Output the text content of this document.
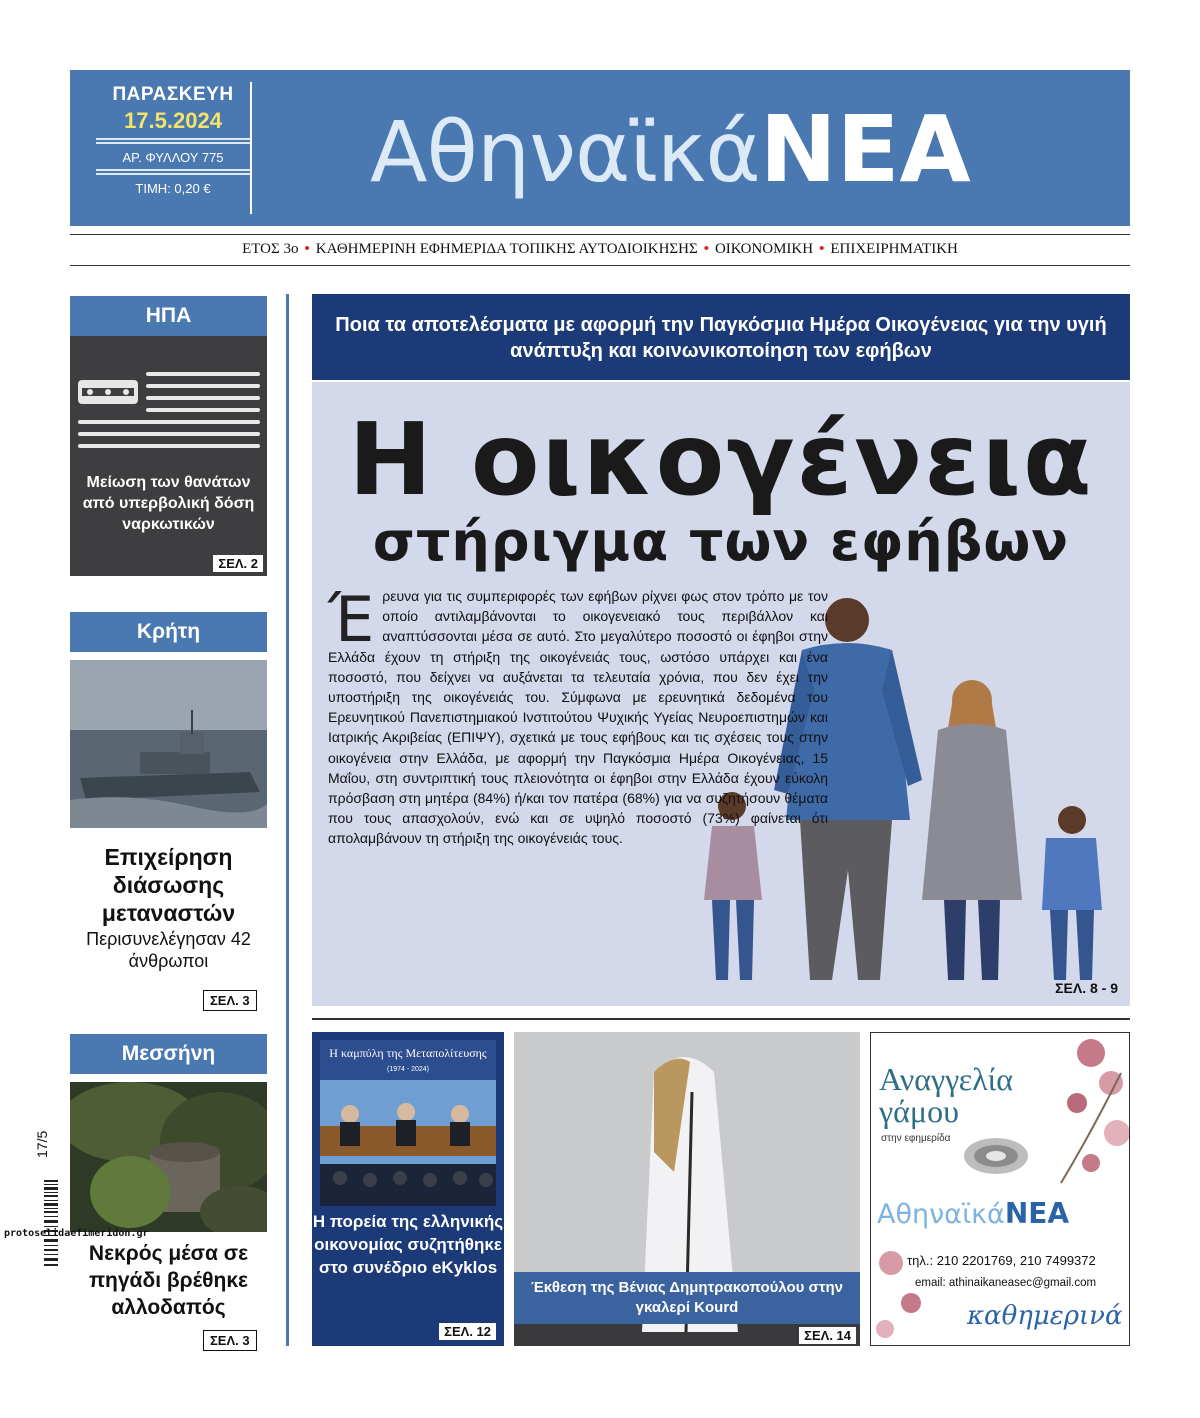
ΠΑΡΑΣΚΕΥΗ
17.5.2024
ΑΡ. ΦΥΛΛΟΥ 775
ΤΙΜΗ: 0,20 €	ΑθηναϊκάΝΕΑ
ΕΤΟΣ 3ο • ΚΑΘΗΜΕΡΙΝΗ ΕΦΗΜΕΡΙΔΑ ΤΟΠΙΚΗΣ ΑΥΤΟΔΙΟΙΚΗΣΗΣ • ΟΙΚΟΝΟΜΙΚΗ • ΕΠΙΧΕΙΡΗΜΑΤΙΚΗ
ΗΠΑ
Μείωση των θανάτων από υπερβολική δόση ναρκωτικών
ΣΕΛ. 2
Κρήτη
Επιχείρηση διάσωσης μεταναστών
Περισυνελέγησαν 42 άνθρωποι
ΣΕΛ. 3
Μεσσήνη
Νεκρός μέσα σε πηγάδι βρέθηκε αλλοδαπός
ΣΕΛ. 3
17/5
protoselidaefimeridon.gr
Ποια τα αποτελέσματα με αφορμή την Παγκόσμια Ημέρα Οικογένειας για την υγιή ανάπτυξη και κοινωνικοποίηση των εφήβων
Η οικογένεια
στήριγμα των εφήβων
Έρευνα για τις συμπεριφορές των εφήβων ρίχνει φως στον τρόπο με τον οποίο αντιλαμβάνονται το οικογενειακό τους περιβάλλον και αναπτύσσονται μέσα σε αυτό. Στο μεγαλύτερο ποσοστό οι έφηβοι στην Ελλάδα έχουν τη στήριξη της οικογένειάς τους, ωστόσο υπάρχει και ένα ποσοστό, που δείχνει να αυξάνεται τα τελευταία χρόνια, που δεν έχει την υποστήριξη της οικογένειάς του. Σύμφωνα με ερευνητικά δεδομένα του Ερευνητικού Πανεπιστημιακού Ινστιτούτου Ψυχικής Υγείας Νευροεπιστημών και Ιατρικής Ακριβείας (ΕΠΙΨΥ), σχετικά με τους εφήβους και τις σχέσεις τους στην οικογένεια στην Ελλάδα, με αφορμή την Παγκόσμια Ημέρα Οικογένειας, 15 Μαΐου, στη συντριπτική τους πλειονότητα οι έφηβοι στην Ελλάδα έχουν εύκολη πρόσβαση στη μητέρα (84%) ή/και τον πατέρα (68%) για να συζητήσουν θέματα που τους απασχολούν, ενώ και σε υψηλό ποσοστό (73%) φαίνεται ότι απολαμβάνουν τη στήριξη της οικογένειάς τους.
ΣΕΛ. 8 - 9
Η καμπύλη της Μεταπολίτευσης
(1974 - 2024)
Η πορεία της ελληνικής οικονομίας συζητήθηκε στο συνέδριο eKyklos
ΣΕΛ. 12
Έκθεση της Βένιας Δημητρακοπούλου στην γκαλερί Kourd
ΣΕΛ. 14
Αναγγελία
γάμου
στην εφημερίδα
ΑθηναϊκάΝΕΑ
τηλ.: 210 2201769, 210 7499372
email: athinaikaneasec@gmail.com
καθημερινά
